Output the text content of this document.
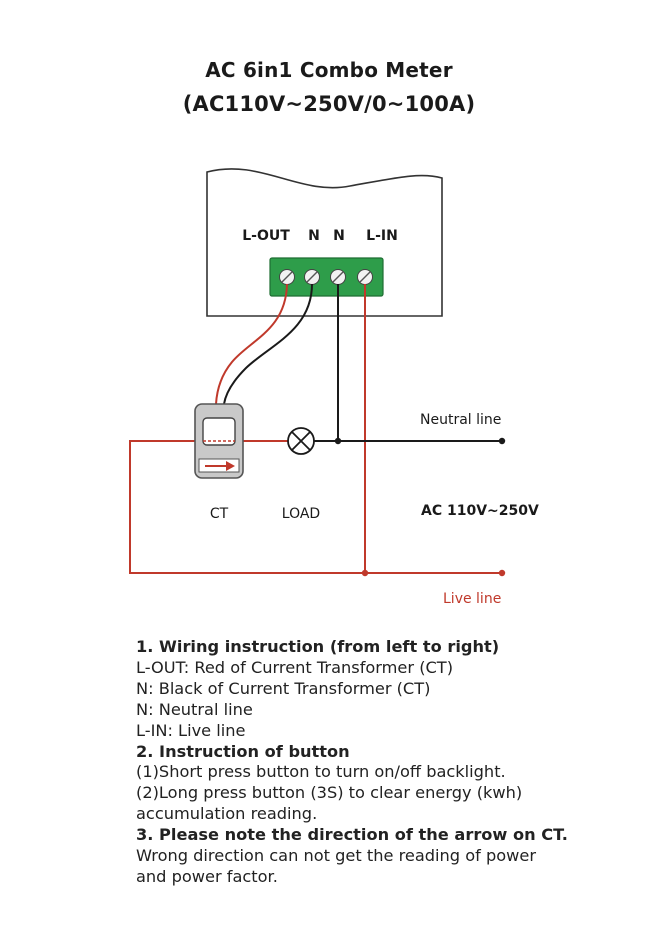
AC 6in1 Combo Meter
(AC110V~250V/0~100A)
L-OUT N N L-IN
Neutral line
CT	LOAD	AC 110V~250V
Live line
1. Wiring instruction (from left to right)
L-OUT: Red of Current Transformer (CT)
N: Black of Current Transformer (CT)
N: Neutral line
L-IN: Live line
2. Instruction of button
(1)Short press button to turn on/off backlight.
(2)Long press button (3S) to clear energy (kwh)
accumulation reading.
3. Please note the direction of the arrow on CT.
Wrong direction can not get the reading of power
and power factor.
